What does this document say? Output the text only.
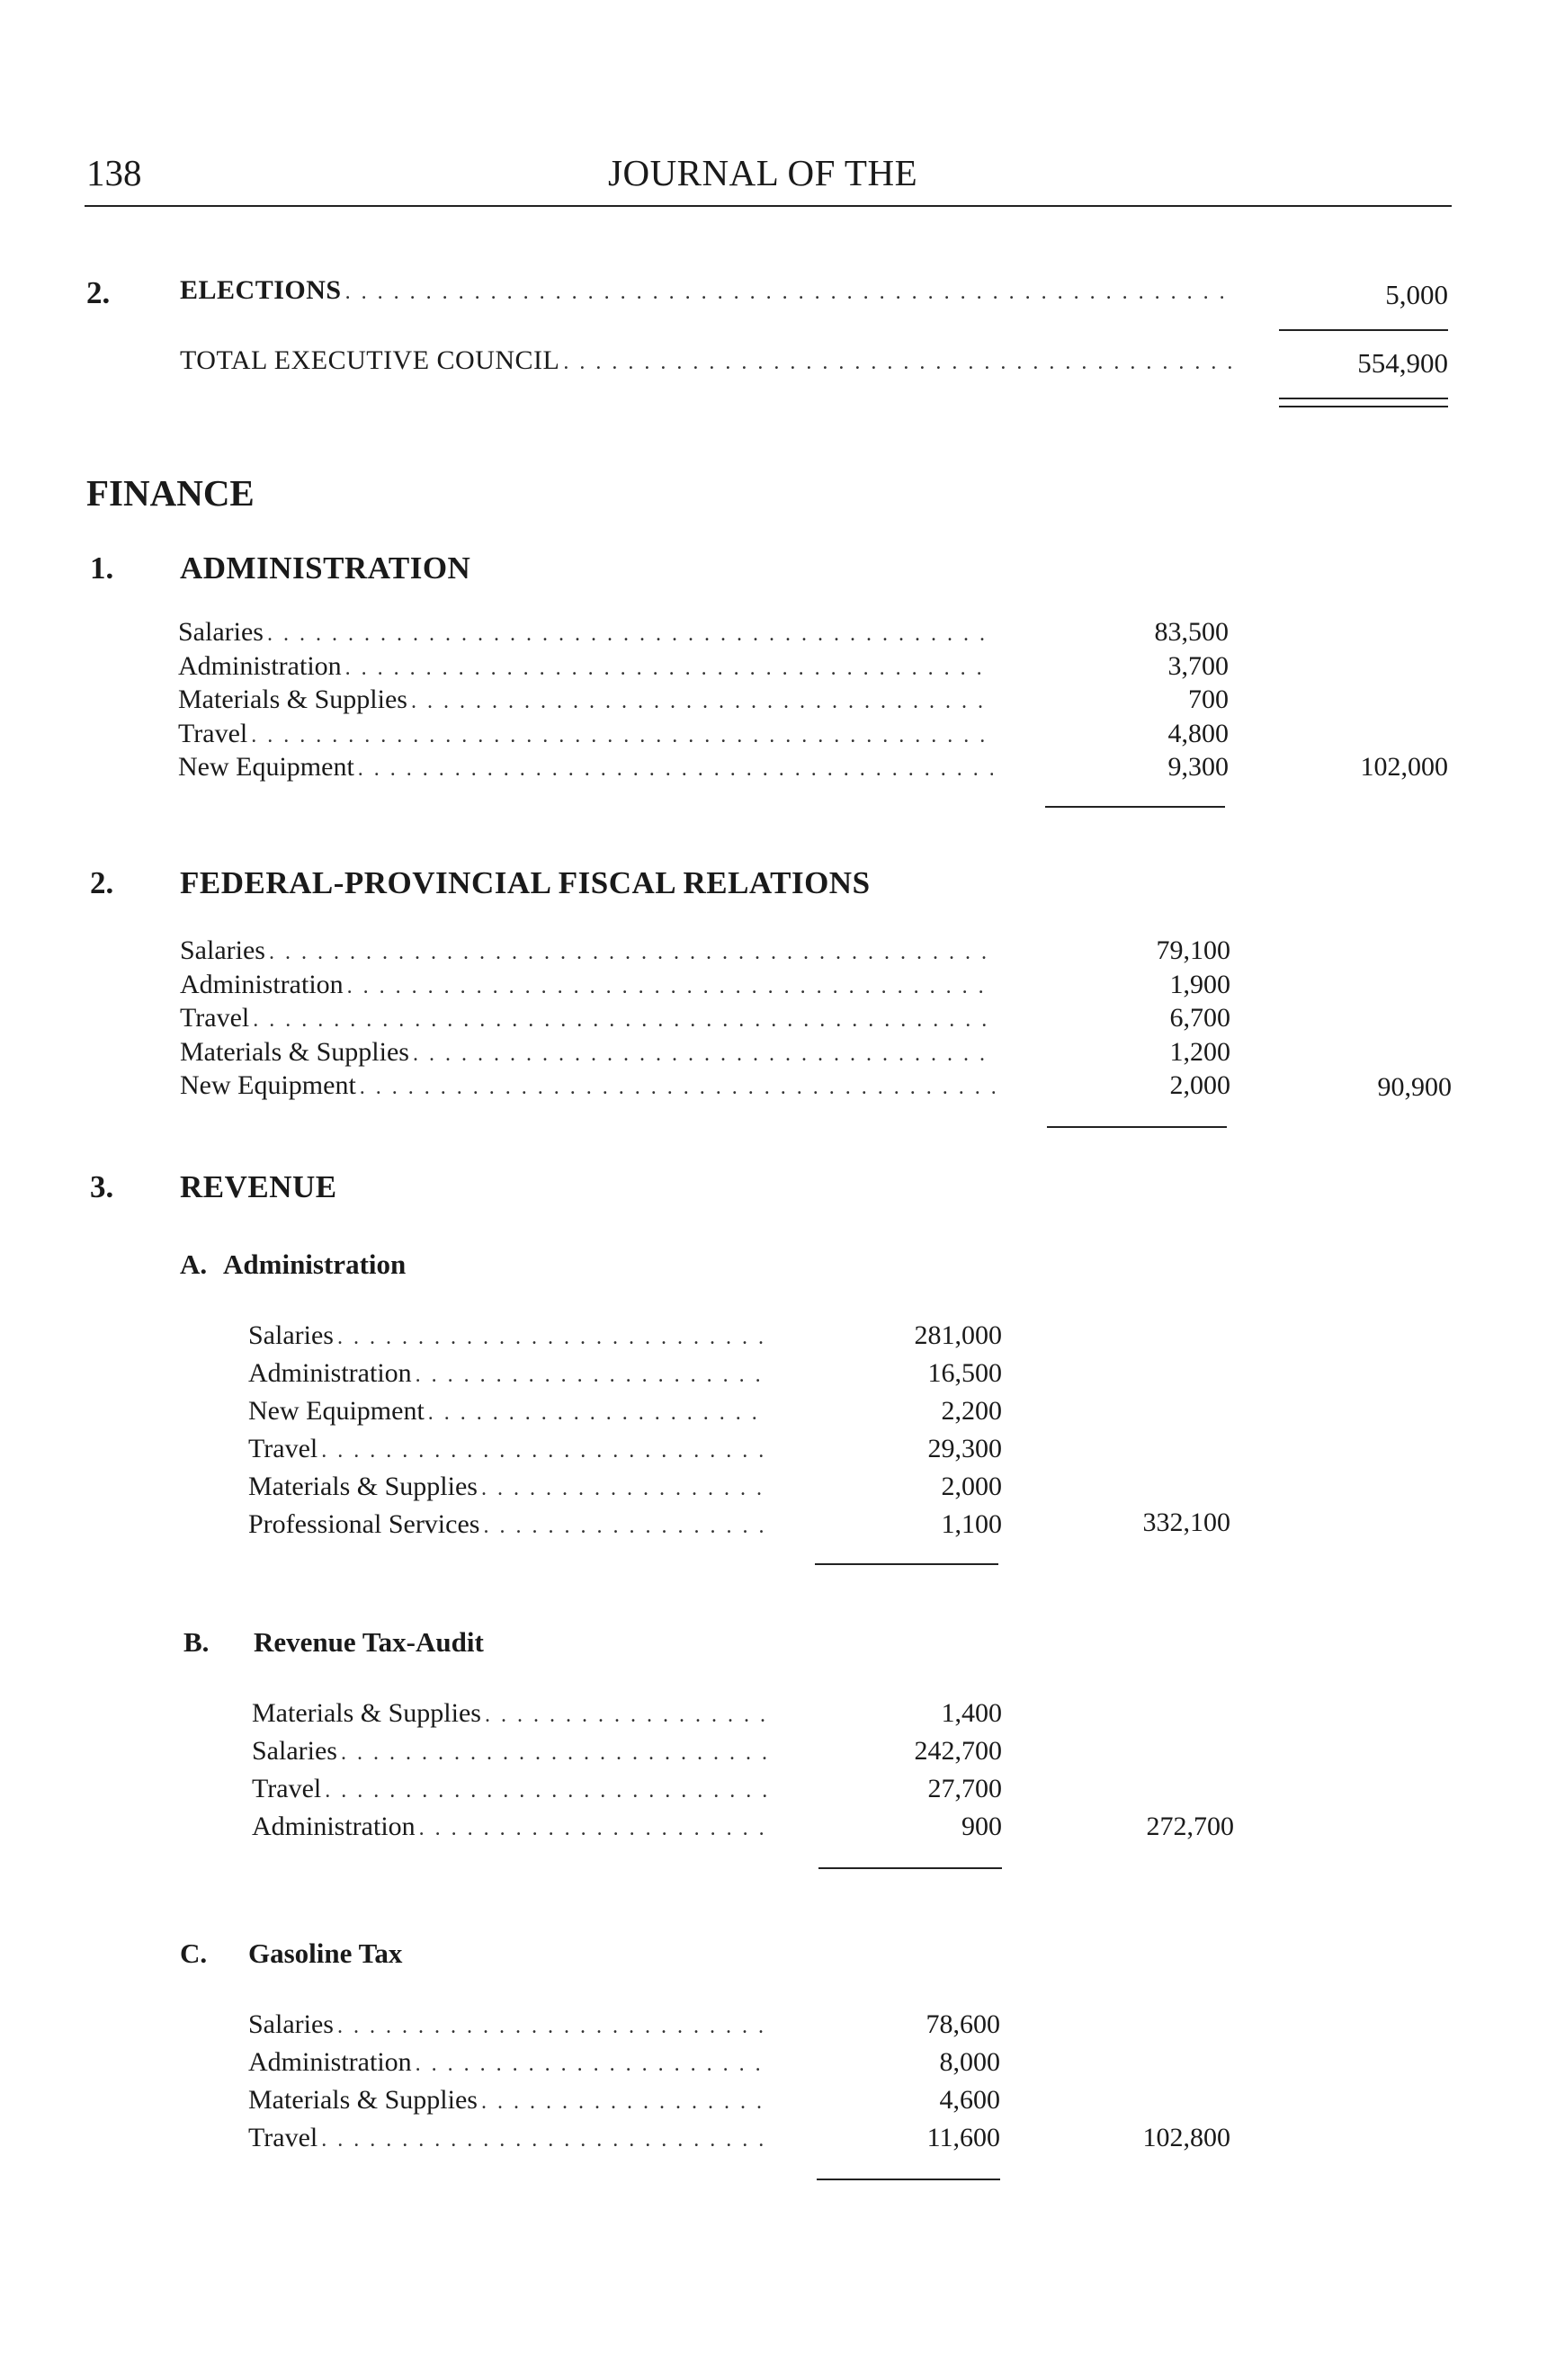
138	JOURNAL OF THE
2.	ELECTIONS . . .	5,000
TOTAL EXECUTIVE COUNCIL . . .	554,900
FINANCE
1. ADMINISTRATION
Salaries . . .	83,500
Administration . . .	3,700
Materials & Supplies . . .	700
Travel . . .	4,800
New Equipment . . .	9,300	102,000
2. FEDERAL-PROVINCIAL FISCAL RELATIONS
Salaries . . .	79,100
Administration . . .	1,900
Travel . . .	6,700
Materials & Supplies . . .	1,200
New Equipment . . .	2,000	90,900
3. REVENUE
A. Administration
Salaries . . .	281,000
Administration . . .	16,500
New Equipment . . .	2,200
Travel . . .	29,300
Materials & Supplies . . .	2,000
Professional Services . . .	1,100	332,100
B. Revenue Tax-Audit
Materials & Supplies . . .	1,400
Salaries . . .	242,700
Travel . . .	27,700
Administration . . .	900	272,700
C. Gasoline Tax
Salaries . . .	78,600
Administration . . .	8,000
Materials & Supplies . . .	4,600
Travel . . .	11,600	102,800
